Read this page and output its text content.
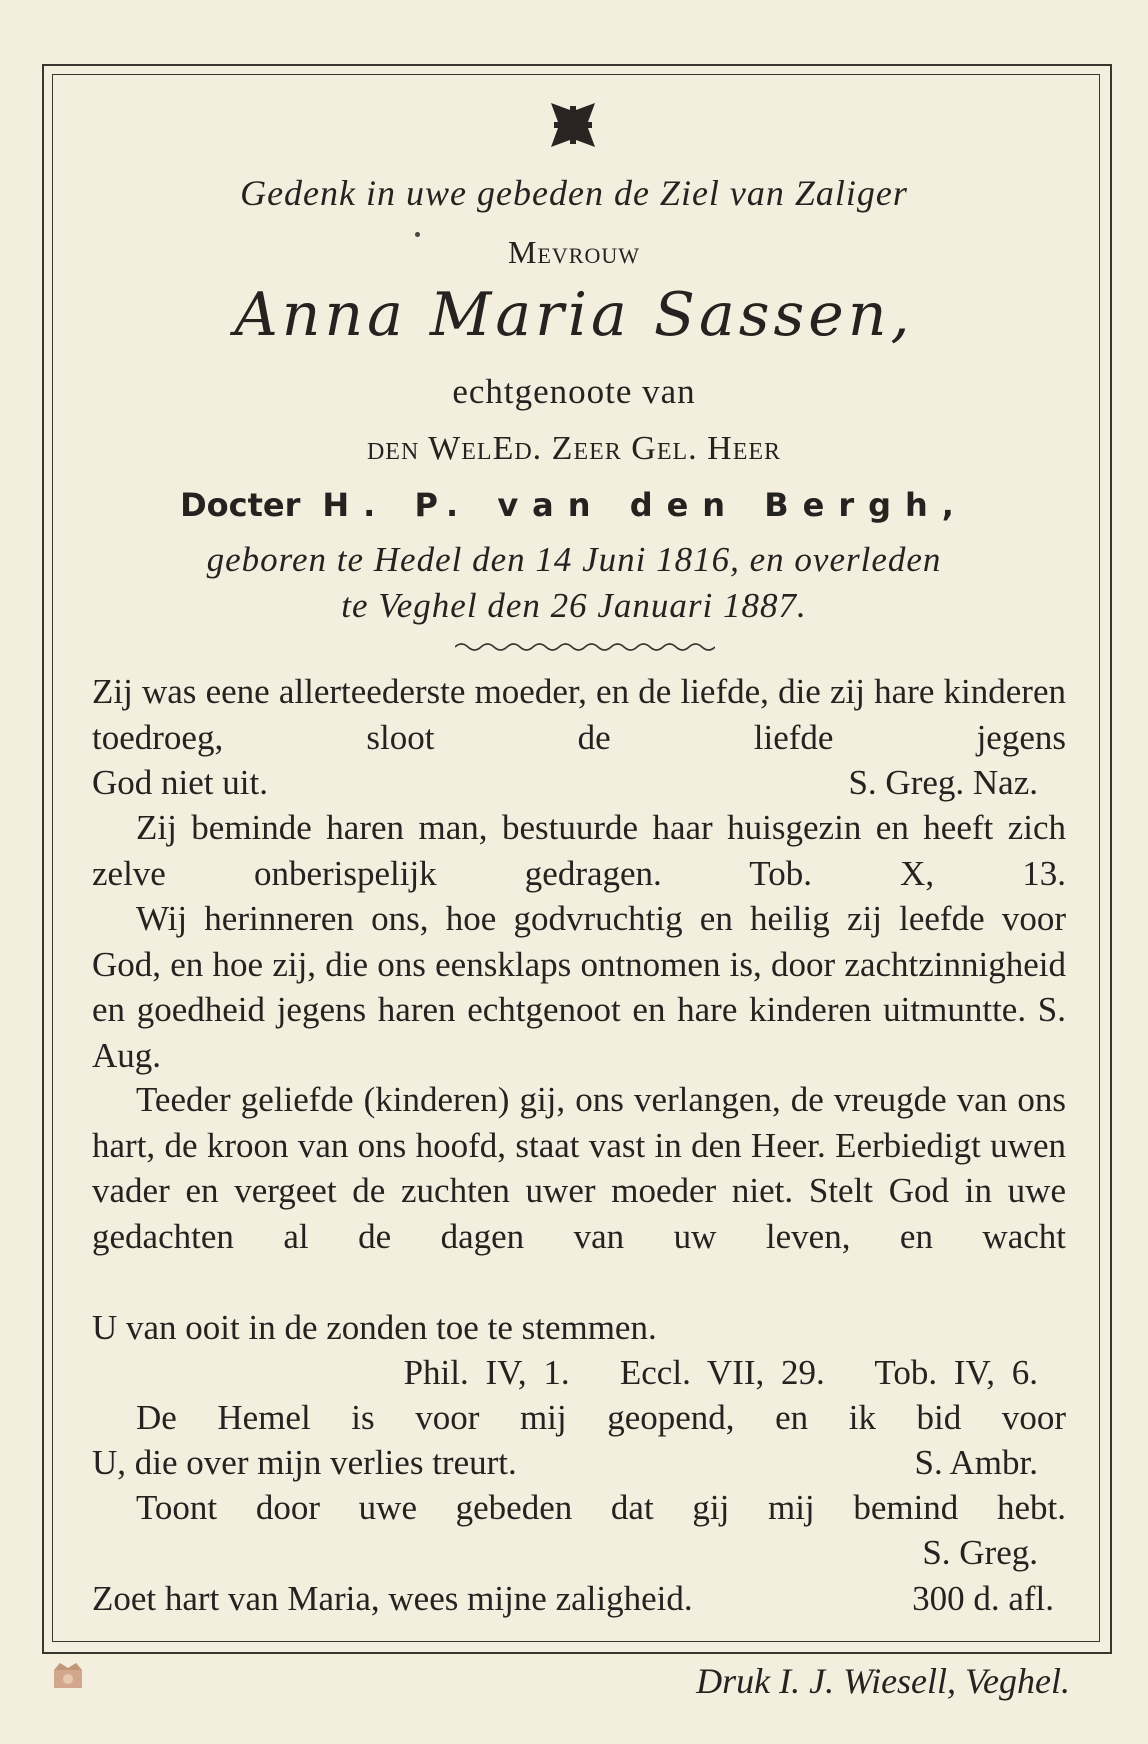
Gedenk in uwe gebeden de Ziel van Zaliger
Mevrouw
Anna Maria Sassen,
echtgenoote van
den WelEd. Zeer Gel. Heer
Docter H. P. van den Bergh,
geboren te Hedel den 14 Juni 1816, en overleden
te Veghel den 26 Januari 1887.
Zij was eene allerteederste moeder, en de liefde, die zij hare kinderen toedroeg, sloot de liefde jegens
God niet uit.	S. Greg. Naz.
Zij beminde haren man, bestuurde haar huisgezin en heeft zich zelve onberispelijk gedragen. Tob. X, 13.
Wij herinneren ons, hoe godvruchtig en heilig zij leefde voor God, en hoe zij, die ons eensklaps ontnomen is, door zachtzinnigheid en goedheid jegens haren echtgenoot en hare kinderen uitmuntte. S. Aug.
Teeder geliefde (kinderen) gij, ons verlangen, de vreugde van ons hart, de kroon van ons hoofd, staat vast in den Heer. Eerbiedigt uwen vader en vergeet de zuchten uwer moeder niet. Stelt God in uwe gedachten al de dagen van uw leven, en wacht
U van ooit in de zonden toe te stemmen.
Phil. IV, 1.   Eccl. VII, 29.   Tob. IV, 6.
De Hemel is voor mij geopend, en ik bid voor
U, die over mijn verlies treurt.	S. Ambr.
Toont door uwe gebeden dat gij mij bemind hebt.
S. Greg.
Zoet hart van Maria, wees mijne zaligheid.	300 d. afl.
Druk I. J. Wiesell, Veghel.
